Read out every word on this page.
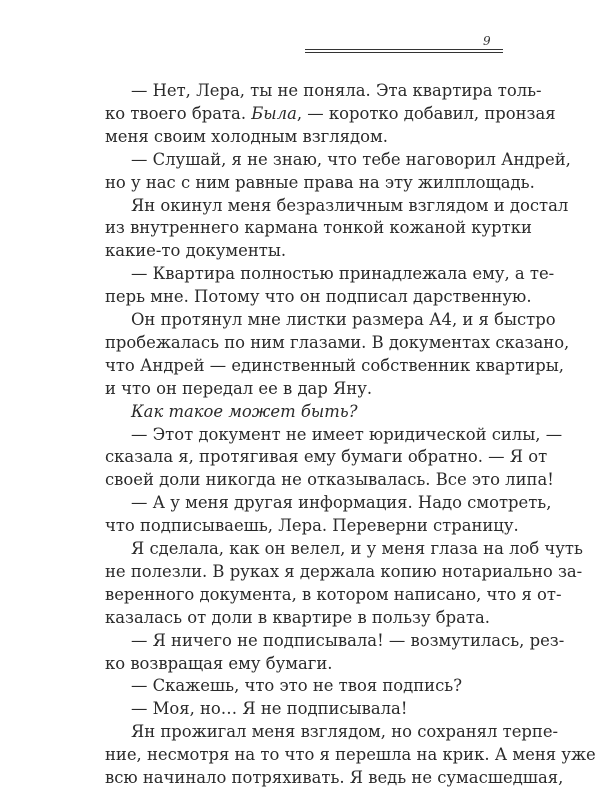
9
— Нет, Лера, ты не поняла. Эта квартира толь-
ко твоего брата. Была, — коротко добавил, пронзая
меня своим холодным взглядом.
— Слушай, я не знаю, что тебе наговорил Андрей,
но у нас с ним равные права на эту жилплощадь.
Ян окинул меня безразличным взглядом и достал
из внутреннего кармана тонкой кожаной куртки
какие-то документы.
— Квартира полностью принадлежала ему, а те-
перь мне. Потому что он подписал дарственную.
Он протянул мне листки размера А4, и я быстро
пробежалась по ним глазами. В документах сказано,
что Андрей — единственный собственник квартиры,
и что он передал ее в дар Яну.
Как такое может быть?
— Этот документ не имеет юридической силы, —
сказала я, протягивая ему бумаги обратно. — Я от
своей доли никогда не отказывалась. Все это липа!
— А у меня другая информация. Надо смотреть,
что подписываешь, Лера. Переверни страницу.
Я сделала, как он велел, и у меня глаза на лоб чуть
не полезли. В руках я держала копию нотариально за-
веренного документа, в котором написано, что я от-
казалась от доли в квартире в пользу брата.
— Я ничего не подписывала! — возмутилась, рез-
ко возвращая ему бумаги.
— Скажешь, что это не твоя подпись?
— Моя, но… Я не подписывала!
Ян прожигал меня взглядом, но сохранял терпе-
ние, несмотря на то что я перешла на крик. А меня уже
всю начинало потряхивать. Я ведь не сумасшедшая,
